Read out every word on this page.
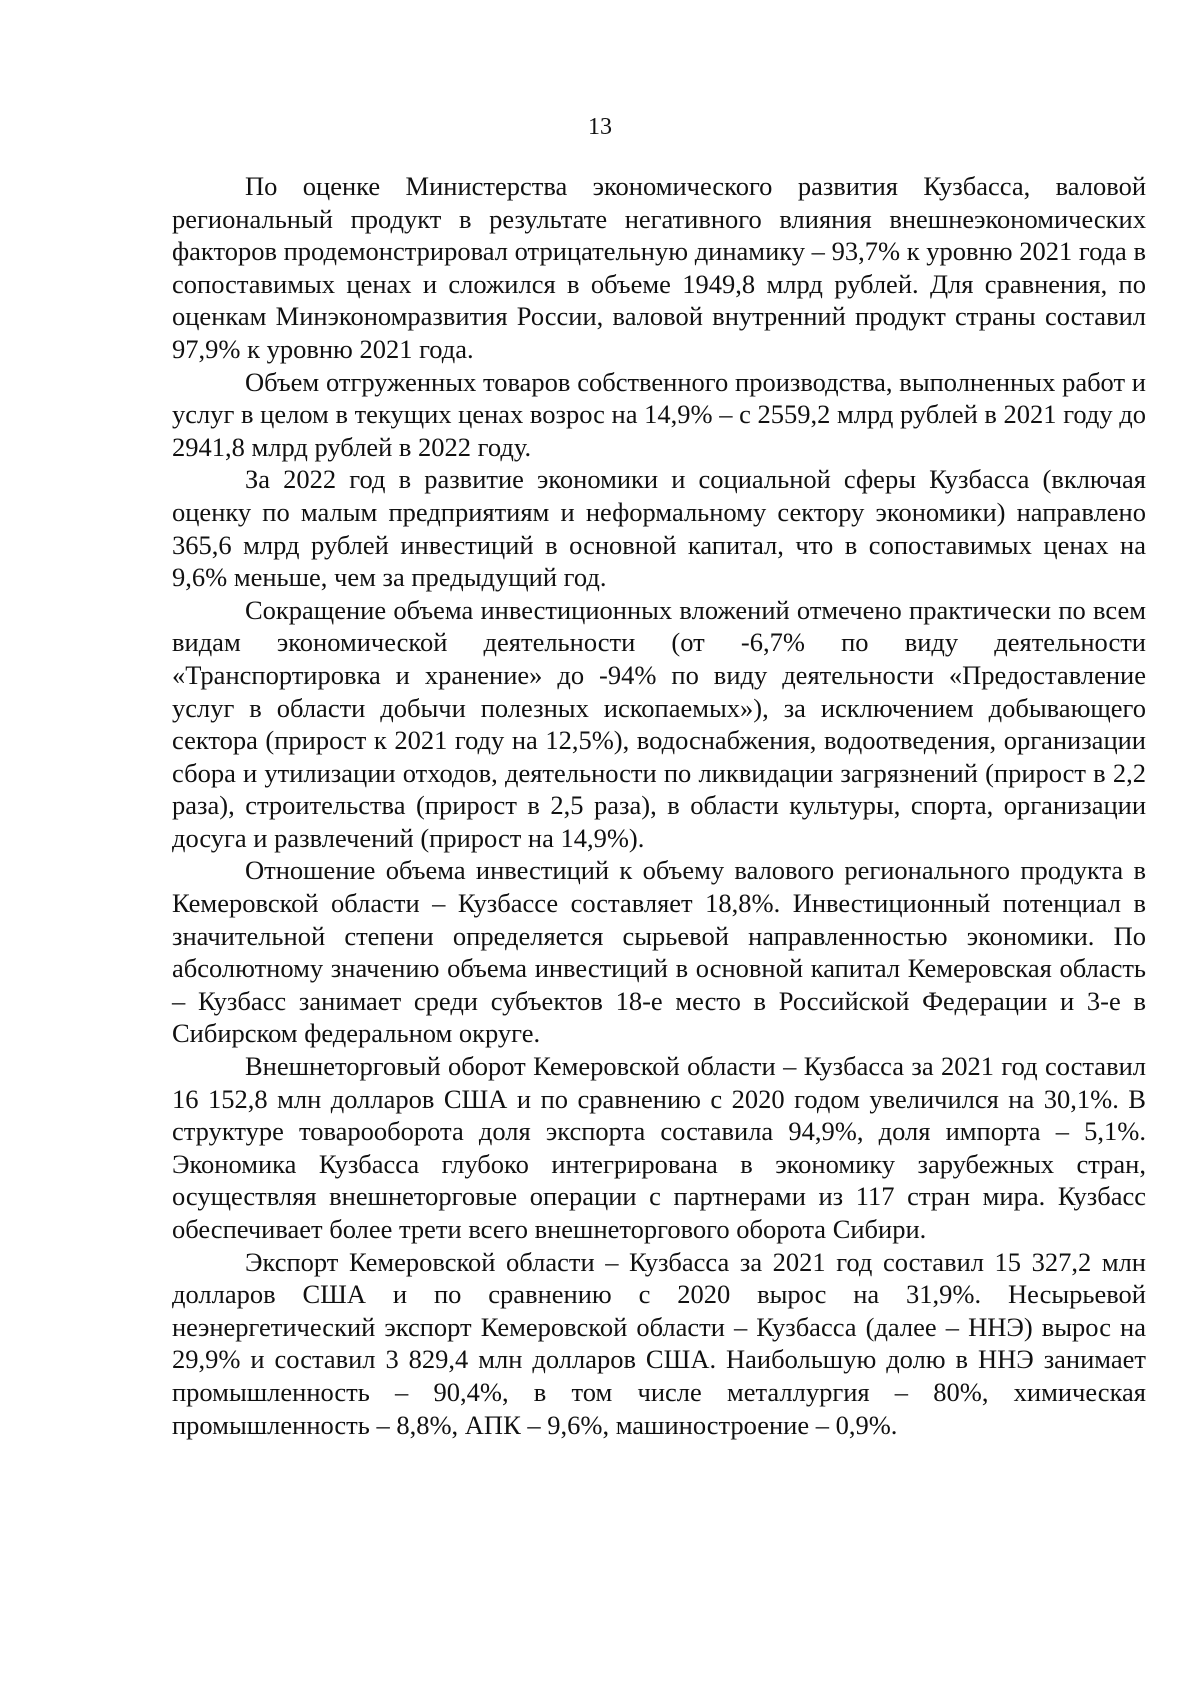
13

По оценке Министерства экономического развития Кузбасса, валовой региональный продукт в результате негативного влияния внешнеэкономических факторов продемонстрировал отрицательную динамику – 93,7% к уровню 2021 года в сопоставимых ценах и сложился в объеме 1949,8 млрд рублей. Для сравнения, по оценкам Минэкономразвития России, валовой внутренний продукт страны составил 97,9% к уровню 2021 года.

Объем отгруженных товаров собственного производства, выполненных работ и услуг в целом в текущих ценах возрос на 14,9% – с 2559,2 млрд рублей в 2021 году до 2941,8 млрд рублей в 2022 году.

За 2022 год в развитие экономики и социальной сферы Кузбасса (включая оценку по малым предприятиям и неформальному сектору экономики) направлено 365,6 млрд рублей инвестиций в основной капитал, что в сопоставимых ценах на 9,6% меньше, чем за предыдущий год.

Сокращение объема инвестиционных вложений отмечено практически по всем видам экономической деятельности (от -6,7% по виду деятельности «Транспортировка и хранение» до -94% по виду деятельности «Предоставление услуг в области добычи полезных ископаемых»), за исключением добывающего сектора (прирост к 2021 году на 12,5%), водоснабжения, водоотведения, организации сбора и утилизации отходов, деятельности по ликвидации загрязнений (прирост в 2,2 раза), строительства (прирост в 2,5 раза), в области культуры, спорта, организации досуга и развлечений (прирост на 14,9%).

Отношение объема инвестиций к объему валового регионального продукта в Кемеровской области – Кузбассе составляет 18,8%. Инвестиционный потенциал в значительной степени определяется сырьевой направленностью экономики. По абсолютному значению объема инвестиций в основной капитал Кемеровская область – Кузбасс занимает среди субъектов 18-е место в Российской Федерации и 3-е в Сибирском федеральном округе.

Внешнеторговый оборот Кемеровской области – Кузбасса за 2021 год составил 16 152,8 млн долларов США и по сравнению с 2020 годом увеличился на 30,1%. В структуре товарооборота доля экспорта составила 94,9%, доля импорта – 5,1%. Экономика Кузбасса глубоко интегрирована в экономику зарубежных стран, осуществляя внешнеторговые операции с партнерами из 117 стран мира. Кузбасс обеспечивает более трети всего внешнеторгового оборота Сибири.

Экспорт Кемеровской области – Кузбасса за 2021 год составил 15 327,2 млн долларов США и по сравнению с 2020 вырос на 31,9%. Несырьевой неэнергетический экспорт Кемеровской области – Кузбасса (далее – ННЭ) вырос на 29,9% и составил 3 829,4 млн долларов США. Наибольшую долю в ННЭ занимает промышленность – 90,4%, в том числе металлургия – 80%, химическая промышленность – 8,8%, АПК – 9,6%, машиностроение – 0,9%.
